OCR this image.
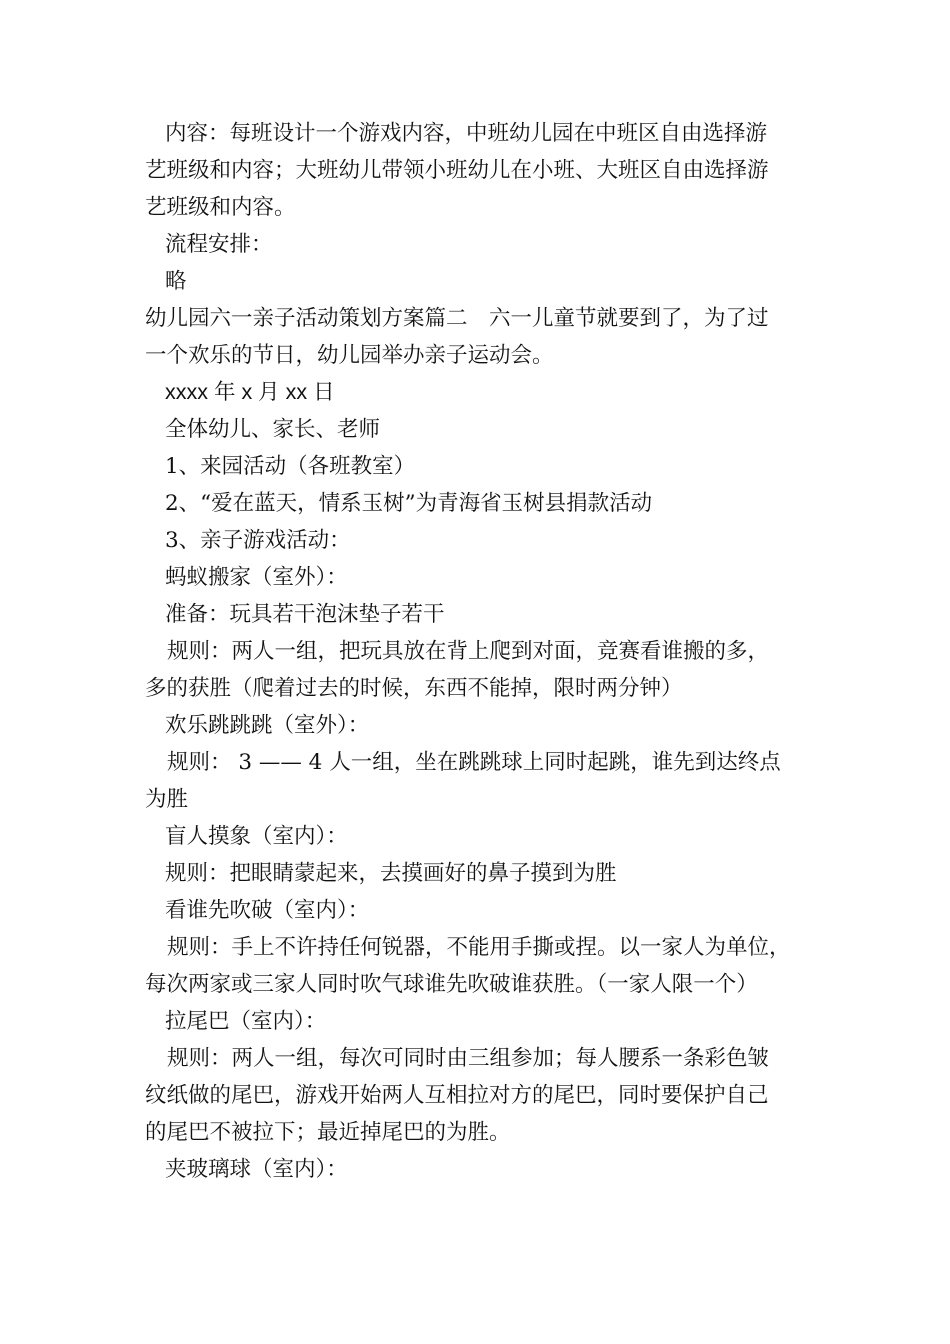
内容：每班设计一个游戏内容，中班幼儿园在中班区自由选择游

艺班级和内容；大班幼儿带领小班幼儿在小班、大班区自由选择游

艺班级和内容。

流程安排：

略

幼儿园六一亲子活动策划方案篇二　六一儿童节就要到了，为了过

一个欢乐的节日，幼儿园举办亲子运动会。

xxxx 年 x 月 xx 日

全体幼儿、家长、老师

1、来园活动（各班教室）

2、“爱在蓝天，情系玉树”为青海省玉树县捐款活动

3、亲子游戏活动：

蚂蚁搬家（室外）：

准备：玩具若干泡沫垫子若干

规则：两人一组，把玩具放在背上爬到对面，竞赛看谁搬的多，

多的获胜（爬着过去的时候，东西不能掉，限时两分钟）

欢乐跳跳跳（室外）：

规则： 3 —— 4 人一组，坐在跳跳球上同时起跳，谁先到达终点

为胜

盲人摸象（室内）：

规则：把眼睛蒙起来，去摸画好的鼻子摸到为胜

看谁先吹破（室内）：

规则：手上不许持任何锐器，不能用手撕或捏。以一家人为单位，

每次两家或三家人同时吹气球谁先吹破谁获胜。（一家人限一个）

拉尾巴（室内）：

规则：两人一组，每次可同时由三组参加；每人腰系一条彩色皱

纹纸做的尾巴，游戏开始两人互相拉对方的尾巴，同时要保护自己

的尾巴不被拉下；最近掉尾巴的为胜。

夹玻璃球（室内）：
